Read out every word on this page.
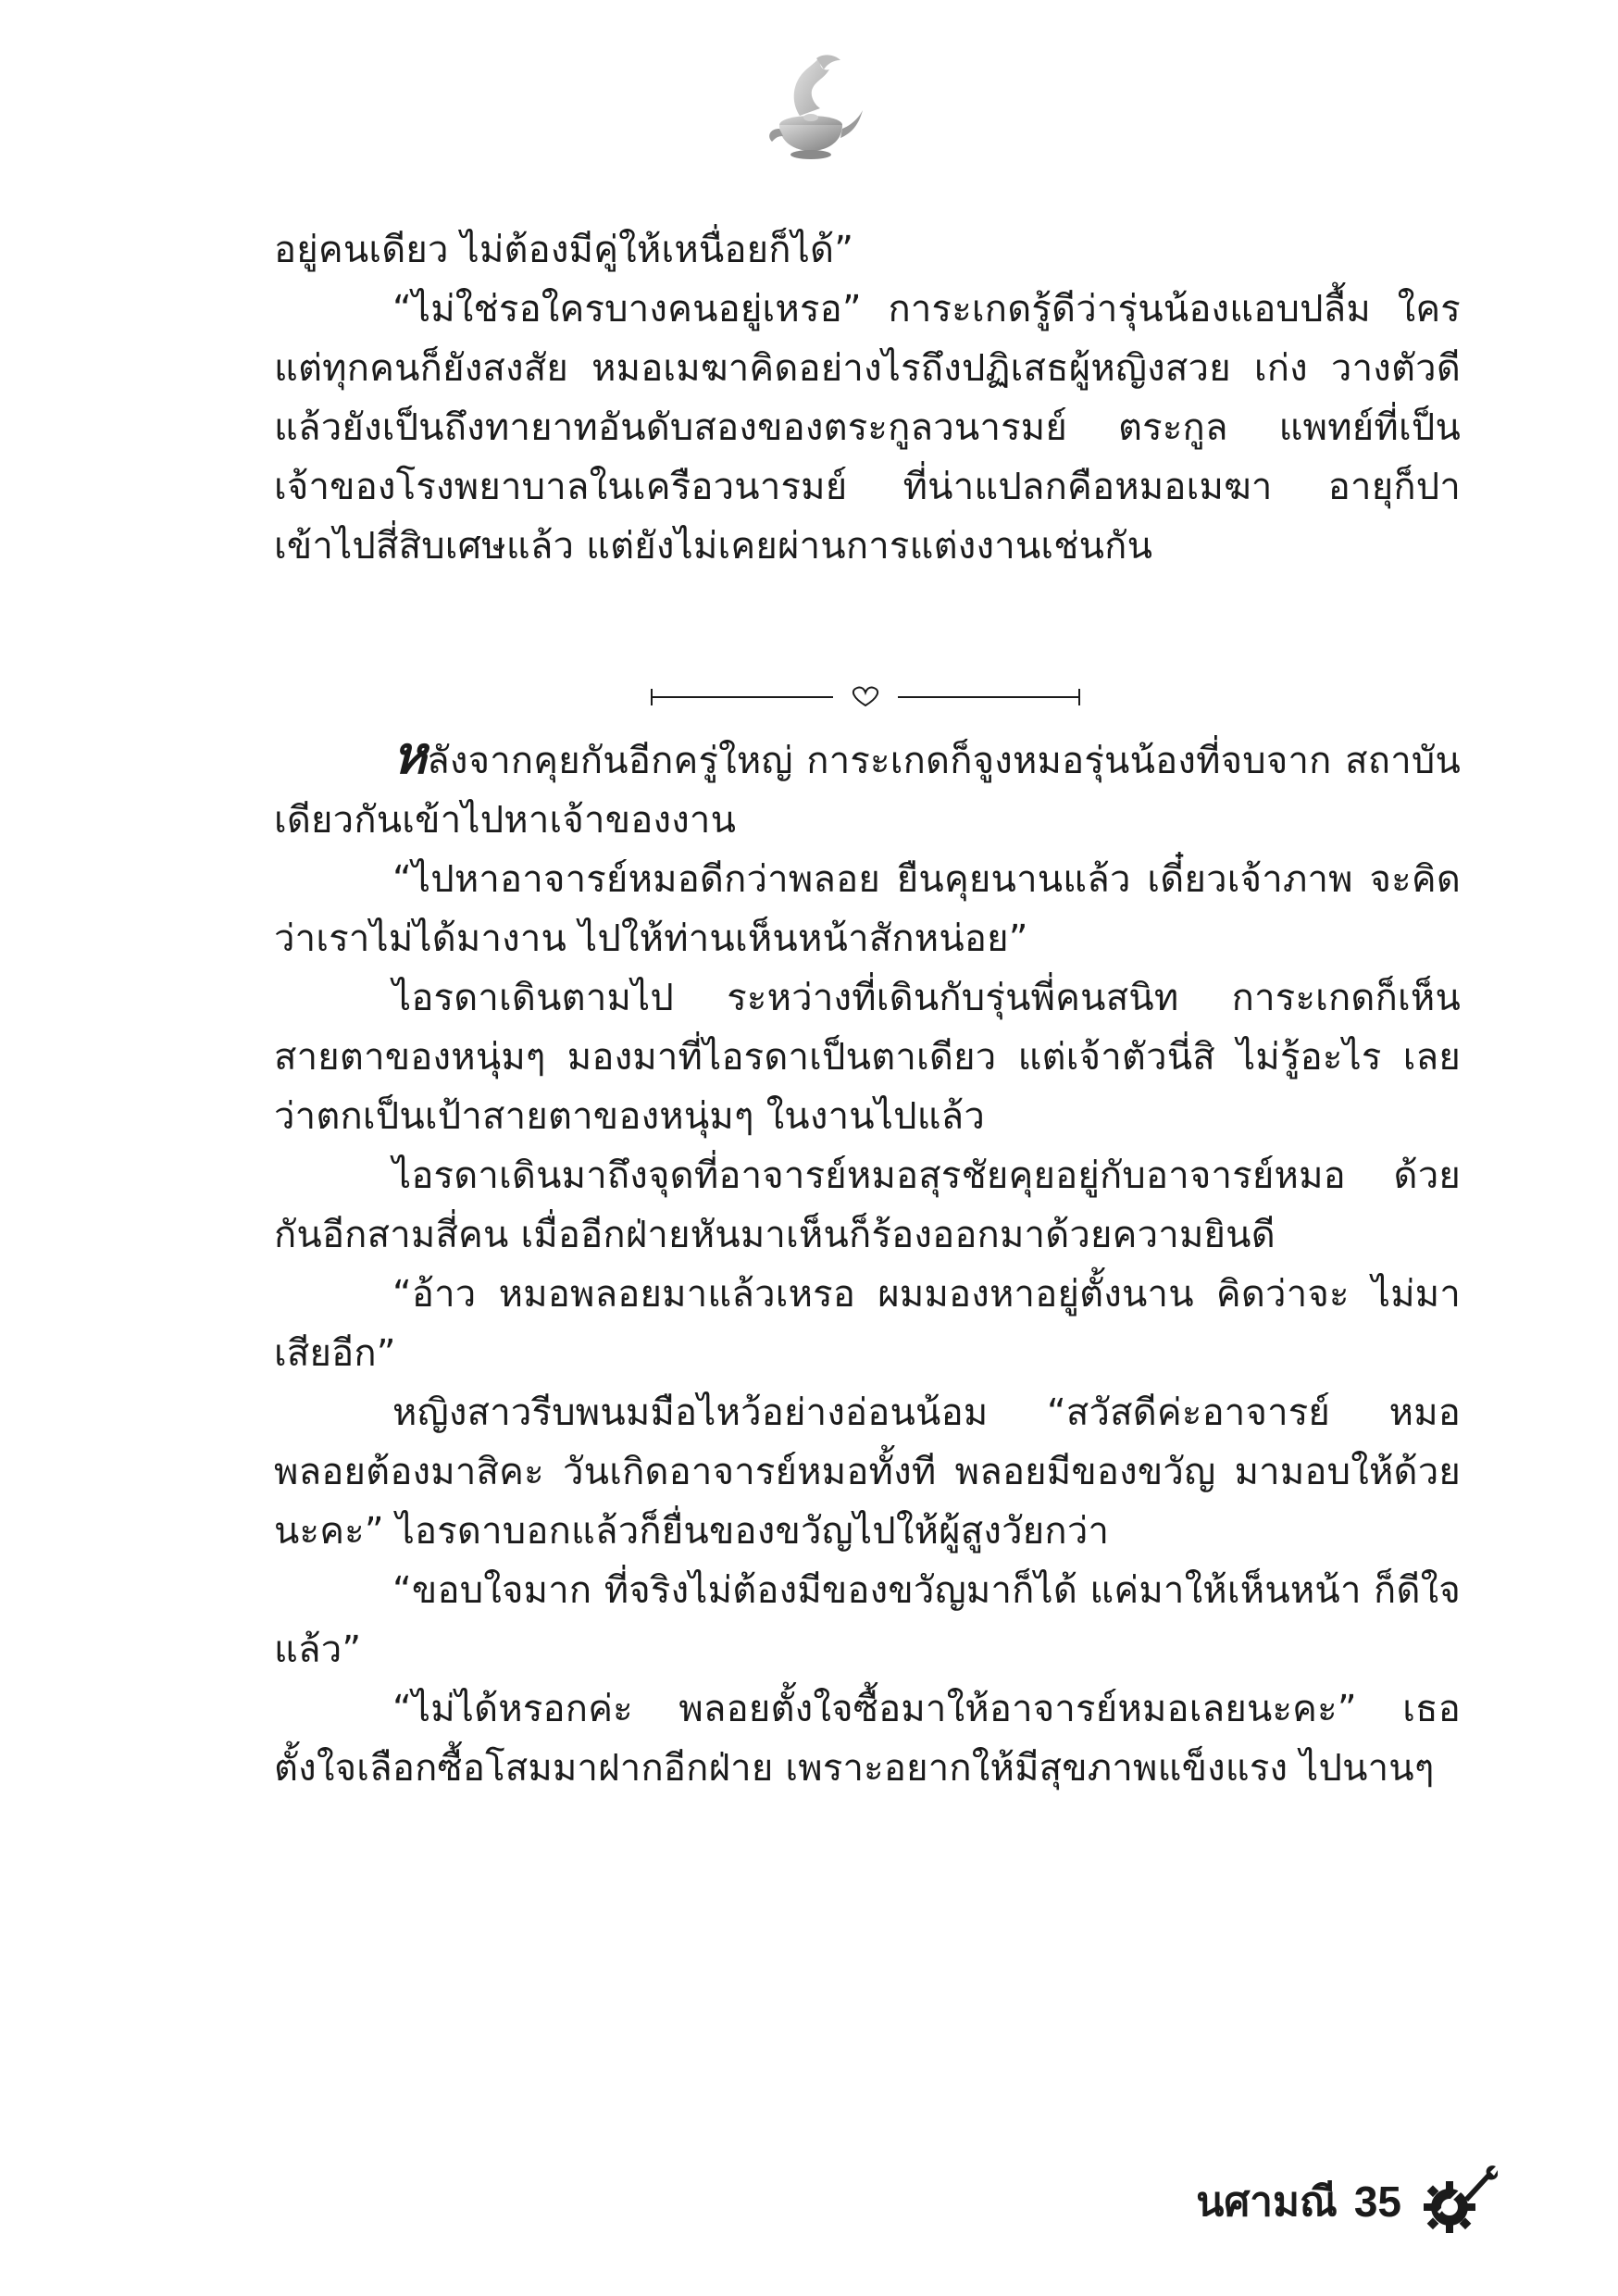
อยู่คนเดียว ไม่ต้องมีคู่ให้เหนื่อยก็ได้”

“ไม่ใช่รอใครบางคนอยู่เหรอ” การะเกดรู้ดีว่ารุ่นน้องแอบปลื้ม ใคร แต่ทุกคนก็ยังสงสัย หมอเมฆาคิดอย่างไรถึงปฏิเสธผู้หญิงสวย เก่ง วางตัวดี แล้วยังเป็นถึงทายาทอันดับสองของตระกูลวนารมย์ ตระกูล แพทย์ที่เป็นเจ้าของโรงพยาบาลในเครือวนารมย์ ที่น่าแปลกคือหมอเมฆา อายุก็ปาเข้าไปสี่สิบเศษแล้ว แต่ยังไม่เคยผ่านการแต่งงานเช่นกัน

หลังจากคุยกันอีกครู่ใหญ่ การะเกดก็จูงหมอรุ่นน้องที่จบจาก สถาบันเดียวกันเข้าไปหาเจ้าของงาน

“ไปหาอาจารย์หมอดีกว่าพลอย ยืนคุยนานแล้ว เดี๋ยวเจ้าภาพ จะคิดว่าเราไม่ได้มางาน ไปให้ท่านเห็นหน้าสักหน่อย”

ไอรดาเดินตามไป ระหว่างที่เดินกับรุ่นพี่คนสนิท การะเกดก็เห็น สายตาของหนุ่มๆ มองมาที่ไอรดาเป็นตาเดียว แต่เจ้าตัวนี่สิ ไม่รู้อะไร เลยว่าตกเป็นเป้าสายตาของหนุ่มๆ ในงานไปแล้ว

ไอรดาเดินมาถึงจุดที่อาจารย์หมอสุรชัยคุยอยู่กับอาจารย์หมอ ด้วยกันอีกสามสี่คน เมื่ออีกฝ่ายหันมาเห็นก็ร้องออกมาด้วยความยินดี

“อ้าว หมอพลอยมาแล้วเหรอ ผมมองหาอยู่ตั้งนาน คิดว่าจะ ไม่มาเสียอีก”

หญิงสาวรีบพนมมือไหว้อย่างอ่อนน้อม “สวัสดีค่ะอาจารย์ หมอ พลอยต้องมาสิคะ วันเกิดอาจารย์หมอทั้งที พลอยมีของขวัญ มามอบให้ด้วยนะคะ” ไอรดาบอกแล้วก็ยื่นของขวัญไปให้ผู้สูงวัยกว่า

“ขอบใจมาก ที่จริงไม่ต้องมีของขวัญมาก็ได้ แค่มาให้เห็นหน้า ก็ดีใจแล้ว”

“ไม่ได้หรอกค่ะ พลอยตั้งใจซื้อมาให้อาจารย์หมอเลยนะคะ” เธอตั้งใจเลือกซื้อโสมมาฝากอีกฝ่าย เพราะอยากให้มีสุขภาพแข็งแรง ไปนานๆ

นศามณี 35
